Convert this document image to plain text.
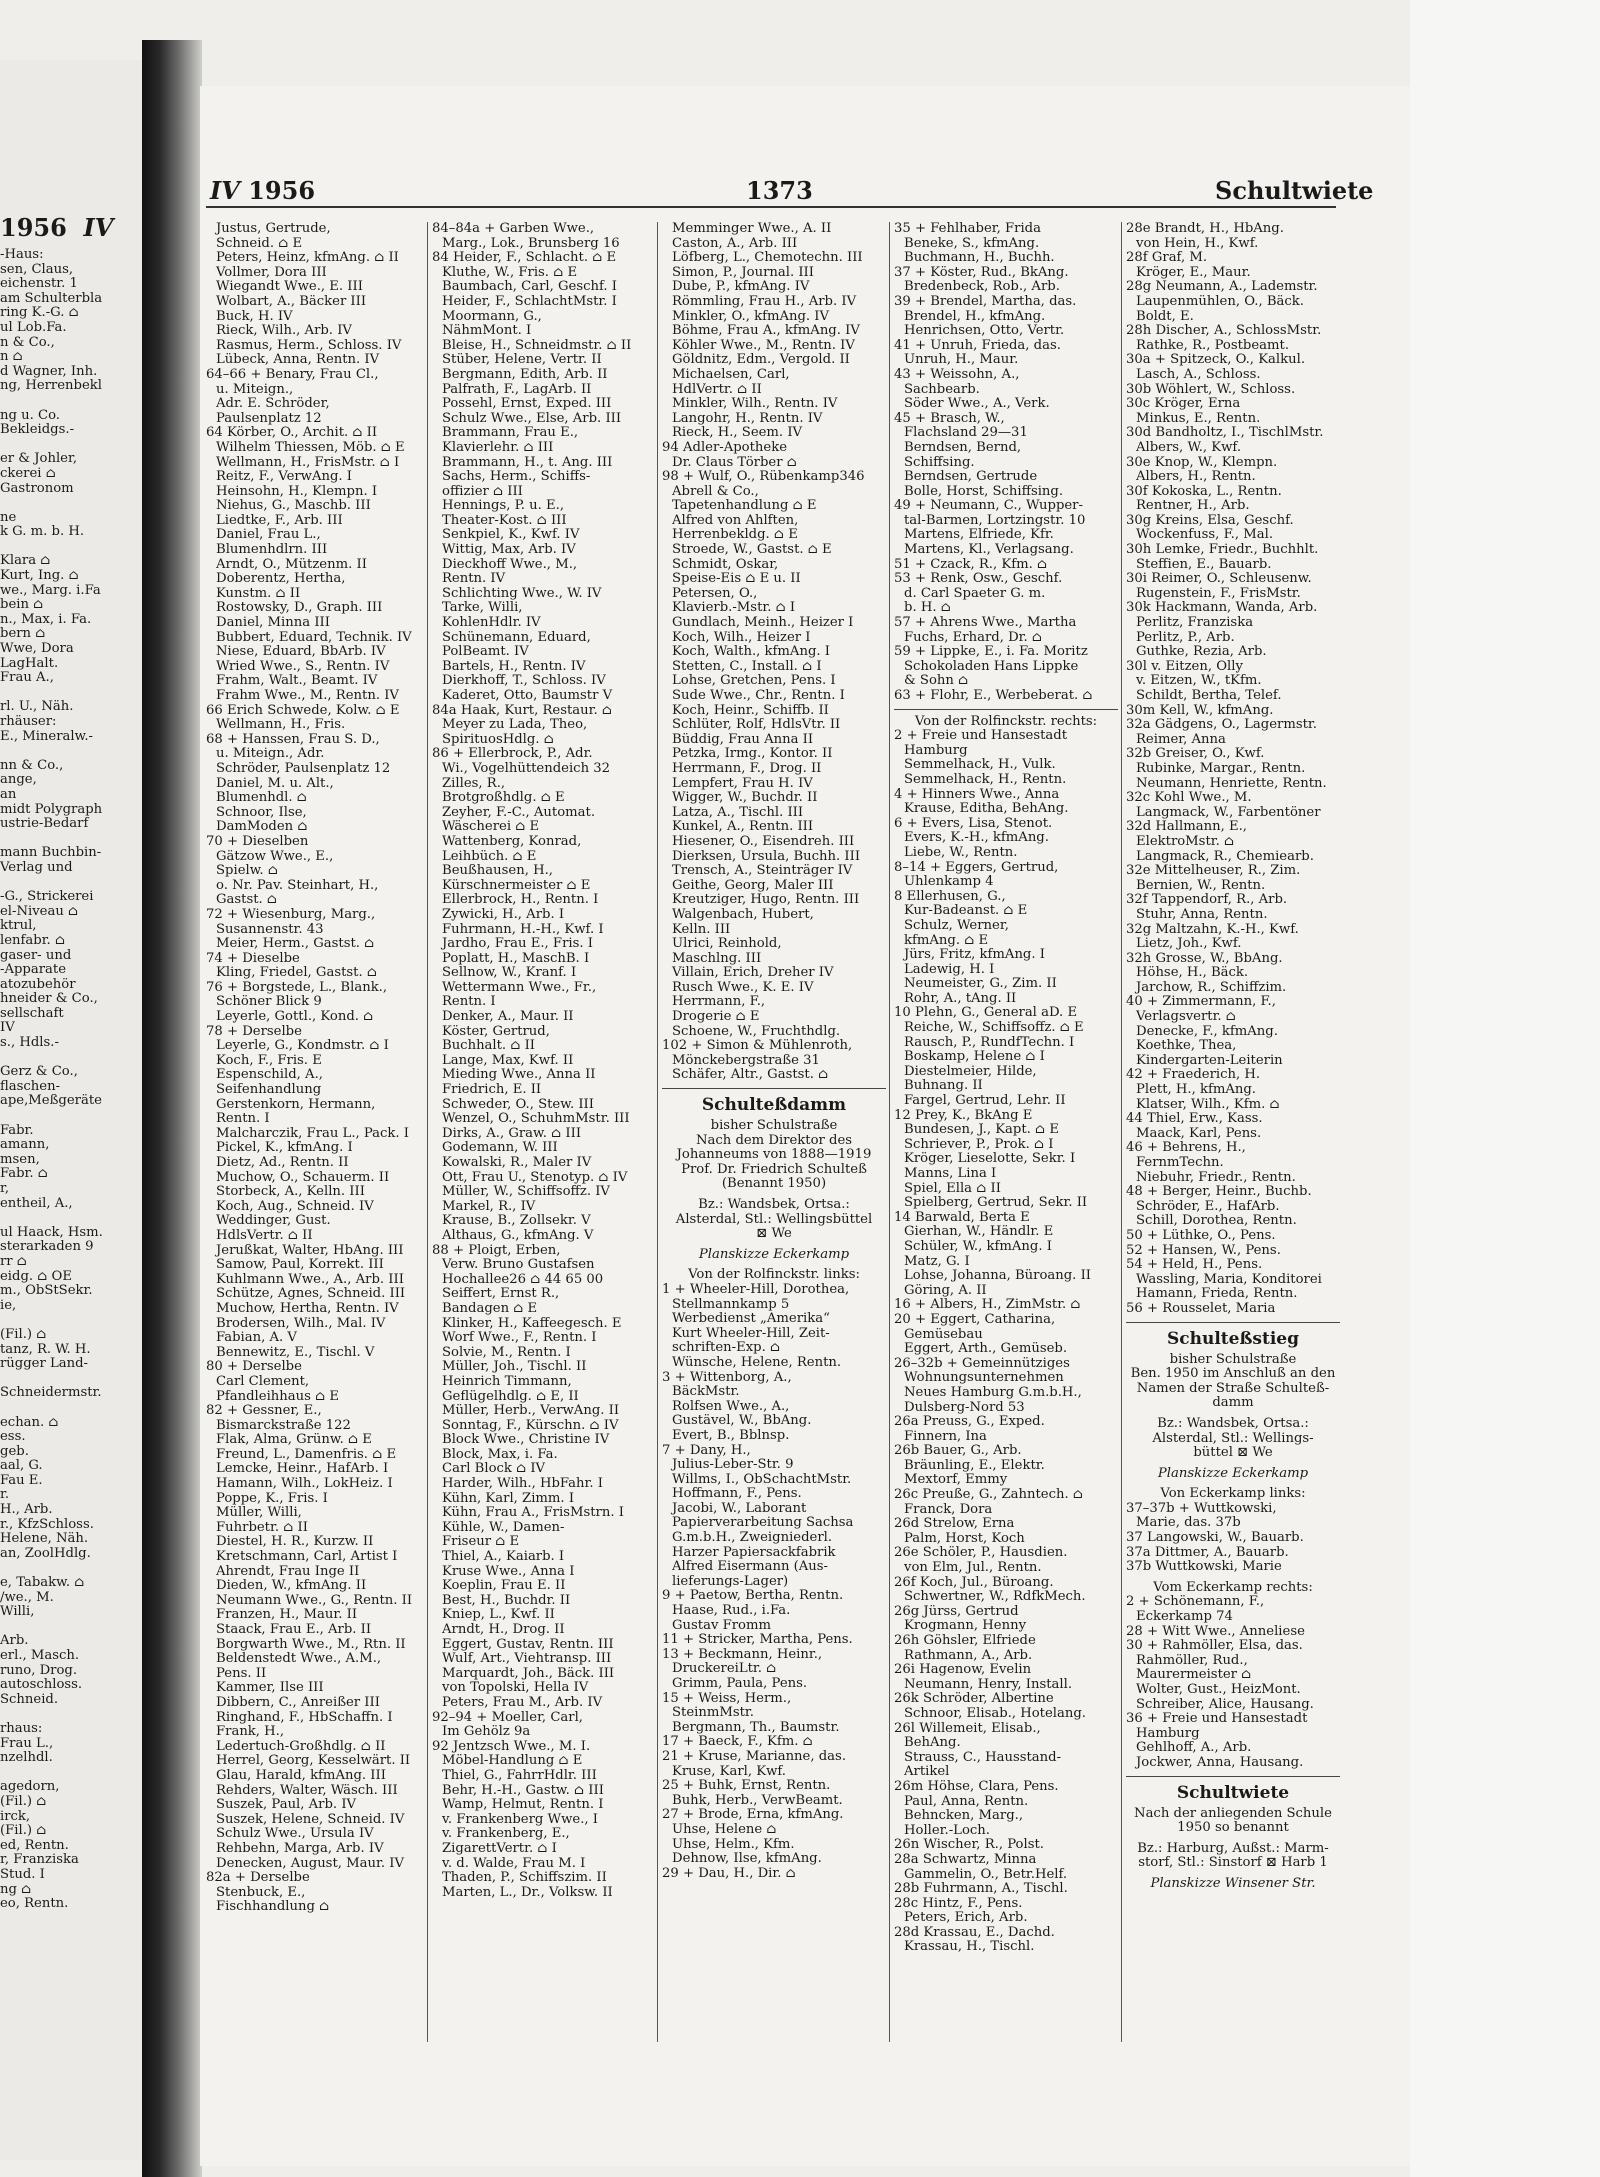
1956 IV
-Haus:
sen, Claus,
eichenstr. 1
am Schulterbla
ring K.-G. ⌂
ul Lob.Fa.
n & Co.,
n ⌂
d Wagner, Inh.
ng, Herrenbekl

ng u. Co.
Bekleidgs.-

er & Johler,
ckerei ⌂
Gastronom

ne
k G. m. b. H.

Klara ⌂
Kurt, Ing. ⌂
we., Marg. i.Fa
bein ⌂
n., Max, i. Fa.
bern ⌂
Wwe, Dora
LagHalt.
Frau A.,

rl. U., Näh.
rhäuser:
E., Mineralw.-

nn & Co.,
ange,
an
midt Polygraph
ustrie-Bedarf

mann Buchbin-
Verlag und

-G., Strickerei
el-Niveau ⌂
ktrul,
lenfabr. ⌂
gaser- und
-Apparate
atozubehör
hneider & Co.,
sellschaft
IV
s., Hdls.-

Gerz & Co.,
flaschen-
ape,Meßgeräte

Fabr.
amann,
msen,
Fabr. ⌂
r,
entheil, A.,

ul Haack, Hsm.
sterarkaden 9
rr ⌂
eidg. ⌂ OE
m., ObStSekr.
ie,

(Fil.) ⌂
tanz, R. W. H.
rügger Land-

Schneidermstr.

echan. ⌂
ess.
geb.
aal, G.
Fau E.
r.
H., Arb.
r., KfzSchloss.
Helene, Näh.
an, ZoolHdlg.

e, Tabakw. ⌂
/we., M.
Willi,

Arb.
erl., Masch.
runo, Drog.
autoschloss.
Schneid.

rhaus:
Frau L.,
nzelhdl.

agedorn,
(Fil.) ⌂
irck,
(Fil.) ⌂
ed, Rentn.
r, Franziska
Stud. I
ng ⌂
eo, Rentn.
IV 1956	1373	Schultwiete
Justus, Gertrude,
Schneid. ⌂ E
Peters, Heinz, kfmAng. ⌂ II
Vollmer, Dora III
Wiegandt Wwe., E. III
Wolbart, A., Bäcker III
Buck, H. IV
Rieck, Wilh., Arb. IV
Rasmus, Herm., Schloss. IV
Lübeck, Anna, Rentn. IV
64–66 + Benary, Frau Cl.,
u. Miteign.,
Adr. E. Schröder,
Paulsenplatz 12
64 Körber, O., Archit. ⌂ II
Wilhelm Thiessen, Möb. ⌂ E
Wellmann, H., FrisMstr. ⌂ I
Reitz, F., VerwAng. I
Heinsohn, H., Klempn. I
Niehus, G., Maschb. III
Liedtke, F., Arb. III
Daniel, Frau L.,
Blumenhdlrn. III
Arndt, O., Mützenm. II
Doberentz, Hertha,
Kunstm. ⌂ II
Rostowsky, D., Graph. III
Daniel, Minna III
Bubbert, Eduard, Technik. IV
Niese, Eduard, BbArb. IV
Wried Wwe., S., Rentn. IV
Frahm, Walt., Beamt. IV
Frahm Wwe., M., Rentn. IV
66 Erich Schwede, Kolw. ⌂ E
Wellmann, H., Fris.
68 + Hanssen, Frau S. D.,
u. Miteign., Adr.
Schröder, Paulsenplatz 12
Daniel, M. u. Alt.,
Blumenhdl. ⌂
Schnoor, Ilse,
DamModen ⌂
70 + Dieselben
Gätzow Wwe., E.,
Spielw. ⌂
o. Nr. Pav. Steinhart, H.,
Gastst. ⌂
72 + Wiesenburg, Marg.,
Susannenstr. 43
Meier, Herm., Gastst. ⌂
74 + Dieselbe
Kling, Friedel, Gastst. ⌂
76 + Borgstede, L., Blank.,
Schöner Blick 9
Leyerle, Gottl., Kond. ⌂
78 + Derselbe
Leyerle, G., Kondmstr. ⌂ I
Koch, F., Fris. E
Espenschild, A.,
Seifenhandlung
Gerstenkorn, Hermann,
Rentn. I
Malcharczik, Frau L., Pack. I
Pickel, K., kfmAng. I
Dietz, Ad., Rentn. II
Muchow, O., Schauerm. II
Storbeck, A., Kelln. III
Koch, Aug., Schneid. IV
Weddinger, Gust.
HdlsVertr. ⌂ II
Jerußkat, Walter, HbAng. III
Samow, Paul, Korrekt. III
Kuhlmann Wwe., A., Arb. III
Schütze, Agnes, Schneid. III
Muchow, Hertha, Rentn. IV
Brodersen, Wilh., Mal. IV
Fabian, A. V
Bennewitz, E., Tischl. V
80 + Derselbe
Carl Clement,
Pfandleihhaus ⌂ E
82 + Gessner, E.,
Bismarckstraße 122
Flak, Alma, Grünw. ⌂ E
Freund, L., Damenfris. ⌂ E
Lemcke, Heinr., HafArb. I
Hamann, Wilh., LokHeiz. I
Poppe, K., Fris. I
Müller, Willi,
Fuhrbetr. ⌂ II
Diestel, H. R., Kurzw. II
Kretschmann, Carl, Artist I
Ahrendt, Frau Inge II
Dieden, W., kfmAng. II
Neumann Wwe., G., Rentn. II
Franzen, H., Maur. II
Staack, Frau E., Arb. II
Borgwarth Wwe., M., Rtn. II
Beldenstedt Wwe., A.M.,
Pens. II
Kammer, Ilse III
Dibbern, C., Anreißer III
Ringhand, F., HbSchaffn. I
Frank, H.,
Ledertuch-Großhdlg. ⌂ II
Herrel, Georg, Kesselwärt. II
Glau, Harald, kfmAng. III
Rehders, Walter, Wäsch. III
Suszek, Paul, Arb. IV
Suszek, Helene, Schneid. IV
Schulz Wwe., Ursula IV
Rehbehn, Marga, Arb. IV
Denecken, August, Maur. IV
82a + Derselbe
Stenbuck, E.,
Fischhandlung ⌂
84–84a + Garben Wwe.,
Marg., Lok., Brunsberg 16
84 Heider, F., Schlacht. ⌂ E
Kluthe, W., Fris. ⌂ E
Baumbach, Carl, Geschf. I
Heider, F., SchlachtMstr. I
Moormann, G.,
NähmMont. I
Bleise, H., Schneidmstr. ⌂ II
Stüber, Helene, Vertr. II
Bergmann, Edith, Arb. II
Palfrath, F., LagArb. II
Possehl, Ernst, Exped. III
Schulz Wwe., Else, Arb. III
Brammann, Frau E.,
Klavierlehr. ⌂ III
Brammann, H., t. Ang. III
Sachs, Herm., Schiffs-
offizier ⌂ III
Hennings, P. u. E.,
Theater-Kost. ⌂ III
Senkpiel, K., Kwf. IV
Wittig, Max, Arb. IV
Dieckhoff Wwe., M.,
Rentn. IV
Schlichting Wwe., W. IV
Tarke, Willi,
KohlenHdlr. IV
Schünemann, Eduard,
PolBeamt. IV
Bartels, H., Rentn. IV
Dierkhoff, T., Schloss. IV
Kaderet, Otto, Baumstr V
84a Haak, Kurt, Restaur. ⌂
Meyer zu Lada, Theo,
SpirituosHdlg. ⌂
86 + Ellerbrock, P., Adr.
Wi., Vogelhüttendeich 32
Zilles, R.,
Brotgroßhdlg. ⌂ E
Zeyher, F.-C., Automat.
Wäscherei ⌂ E
Wattenberg, Konrad,
Leihbüch. ⌂ E
Beußhausen, H.,
Kürschnermeister ⌂ E
Ellerbrock, H., Rentn. I
Zywicki, H., Arb. I
Fuhrmann, H.-H., Kwf. I
Jardho, Frau E., Fris. I
Poplatt, H., MaschB. I
Sellnow, W., Kranf. I
Wettermann Wwe., Fr.,
Rentn. I
Denker, A., Maur. II
Köster, Gertrud,
Buchhalt. ⌂ II
Lange, Max, Kwf. II
Mieding Wwe., Anna II
Friedrich, E. II
Schweder, O., Stew. III
Wenzel, O., SchuhmMstr. III
Dirks, A., Graw. ⌂ III
Godemann, W. III
Kowalski, R., Maler IV
Ott, Frau U., Stenotyp. ⌂ IV
Müller, W., Schiffsoffz. IV
Markel, R., IV
Krause, B., Zollsekr. V
Althaus, G., kfmAng. V
88 + Ploigt, Erben,
Verw. Bruno Gustafsen
Hochallee26 ⌂ 44 65 00
Seiffert, Ernst R.,
Bandagen ⌂ E
Klinker, H., Kaffeegesch. E
Worf Wwe., F., Rentn. I
Solvie, M., Rentn. I
Müller, Joh., Tischl. II
Heinrich Timmann,
Geflügelhdlg. ⌂ E, II
Müller, Herb., VerwAng. II
Sonntag, F., Kürschn. ⌂ IV
Block Wwe., Christine IV
Block, Max, i. Fa.
Carl Block ⌂ IV
Harder, Wilh., HbFahr. I
Kühn, Karl, Zimm. I
Kühn, Frau A., FrisMstrn. I
Kühle, W., Damen-
Friseur ⌂ E
Thiel, A., Kaiarb. I
Kruse Wwe., Anna I
Koeplin, Frau E. II
Best, H., Buchdr. II
Kniep, L., Kwf. II
Arndt, H., Drog. II
Eggert, Gustav, Rentn. III
Wulf, Art., Viehtransp. III
Marquardt, Joh., Bäck. III
von Topolski, Hella IV
Peters, Frau M., Arb. IV
92–94 + Moeller, Carl,
Im Gehölz 9a
92 Jentzsch Wwe., M. I.
Möbel-Handlung ⌂ E
Thiel, G., FahrrHdlr. III
Behr, H.-H., Gastw. ⌂ III
Wamp, Helmut, Rentn. I
v. Frankenberg Wwe., I
v. Frankenberg, E.,
ZigarettVertr. ⌂ I
v. d. Walde, Frau M. I
Thaden, P., Schiffszim. II
Marten, L., Dr., Volksw. II
Memminger Wwe., A. II
Caston, A., Arb. III
Löfberg, L., Chemotechn. III
Simon, P., Journal. III
Dube, P., kfmAng. IV
Römmling, Frau H., Arb. IV
Minkler, O., kfmAng. IV
Böhme, Frau A., kfmAng. IV
Köhler Wwe., M., Rentn. IV
Göldnitz, Edm., Vergold. II
Michaelsen, Carl,
HdlVertr. ⌂ II
Minkler, Wilh., Rentn. IV
Langohr, H., Rentn. IV
Rieck, H., Seem. IV
94 Adler-Apotheke
Dr. Claus Törber ⌂
98 + Wulf, O., Rübenkamp346
Abrell & Co.,
Tapetenhandlung ⌂ E
Alfred von Ahlften,
Herrenbekldg. ⌂ E
Stroede, W., Gastst. ⌂ E
Schmidt, Oskar,
Speise-Eis ⌂ E u. II
Petersen, O.,
Klavierb.-Mstr. ⌂ I
Gundlach, Meinh., Heizer I
Koch, Wilh., Heizer I
Koch, Walth., kfmAng. I
Stetten, C., Install. ⌂ I
Lohse, Gretchen, Pens. I
Sude Wwe., Chr., Rentn. I
Koch, Heinr., Schiffb. II
Schlüter, Rolf, HdlsVtr. II
Büddig, Frau Anna II
Petzka, Irmg., Kontor. II
Herrmann, F., Drog. II
Lempfert, Frau H. IV
Wigger, W., Buchdr. II
Latza, A., Tischl. III
Kunkel, A., Rentn. III
Hiesener, O., Eisendreh. III
Dierksen, Ursula, Buchh. III
Trensch, A., Steinträger IV
Geithe, Georg, Maler III
Kreutziger, Hugo, Rentn. III
Walgenbach, Hubert,
Kelln. III
Ulrici, Reinhold,
Maschlng. III
Villain, Erich, Dreher IV
Rusch Wwe., K. E. IV
Herrmann, F.,
Drogerie ⌂ E
Schoene, W., Fruchthdlg.
102 + Simon & Mühlenroth,
Mönckebergstraße 31
Schäfer, Altr., Gastst. ⌂
Schulteßdamm
bisher Schulstraße
Nach dem Direktor des
Johanneums von 1888—1919
Prof. Dr. Friedrich Schulteß
(Benannt 1950)

Bz.: Wandsbek, Ortsa.:
Alsterdal, Stl.: Wellingsbüttel
⊠ We

Planskizze Eckerkamp

Von der Rolfinckstr. links:
1 + Wheeler-Hill, Dorothea,
Stellmannkamp 5
Werbedienst „Amerika“
Kurt Wheeler-Hill, Zeit-
schriften-Exp. ⌂
Wünsche, Helene, Rentn.
3 + Wittenborg, A.,
BäckMstr.
Rolfsen Wwe., A.,
Gustävel, W., BbAng.
Evert, B., Bblnsp.
7 + Dany, H.,
Julius-Leber-Str. 9
Willms, I., ObSchachtMstr.
Hoffmann, F., Pens.
Jacobi, W., Laborant
Papierverarbeitung Sachsa
G.m.b.H., Zweigniederl.
Harzer Papiersackfabrik
Alfred Eisermann (Aus-
lieferungs-Lager)
9 + Paetow, Bertha, Rentn.
Haase, Rud., i.Fa.
Gustav Fromm
11 + Stricker, Martha, Pens.
13 + Beckmann, Heinr.,
DruckereiLtr. ⌂
Grimm, Paula, Pens.
15 + Weiss, Herm.,
SteinmMstr.
Bergmann, Th., Baumstr.
17 + Baeck, F., Kfm. ⌂
21 + Kruse, Marianne, das.
Kruse, Karl, Kwf.
25 + Buhk, Ernst, Rentn.
Buhk, Herb., VerwBeamt.
27 + Brode, Erna, kfmAng.
Uhse, Helene ⌂
Uhse, Helm., Kfm.
Dehnow, Ilse, kfmAng.
29 + Dau, H., Dir. ⌂
35 + Fehlhaber, Frida
Beneke, S., kfmAng.
Buchmann, H., Buchh.
37 + Köster, Rud., BkAng.
Bredenbeck, Rob., Arb.
39 + Brendel, Martha, das.
Brendel, H., kfmAng.
Henrichsen, Otto, Vertr.
41 + Unruh, Frieda, das.
Unruh, H., Maur.
43 + Weissohn, A.,
Sachbearb.
Söder Wwe., A., Verk.
45 + Brasch, W.,
Flachsland 29—31
Berndsen, Bernd,
Schiffsing.
Berndsen, Gertrude
Bolle, Horst, Schiffsing.
49 + Neumann, C., Wupper-
tal-Barmen, Lortzingstr. 10
Martens, Elfriede, Kfr.
Martens, Kl., Verlagsang.
51 + Czack, R., Kfm. ⌂
53 + Renk, Osw., Geschf.
d. Carl Spaeter G. m.
b. H. ⌂
57 + Ahrens Wwe., Martha
Fuchs, Erhard, Dr. ⌂
59 + Lippke, E., i. Fa. Moritz
Schokoladen Hans Lippke
& Sohn ⌂
63 + Flohr, E., Werbeberat. ⌂
Von der Rolfinckstr. rechts:
2 + Freie und Hansestadt
Hamburg
Semmelhack, H., Vulk.
Semmelhack, H., Rentn.
4 + Hinners Wwe., Anna
Krause, Editha, BehAng.
6 + Evers, Lisa, Stenot.
Evers, K.-H., kfmAng.
Liebe, W., Rentn.
8–14 + Eggers, Gertrud,
Uhlenkamp 4
8 Ellerhusen, G.,
Kur-Badeanst. ⌂ E
Schulz, Werner,
kfmAng. ⌂ E
Jürs, Fritz, kfmAng. I
Ladewig, H. I
Neumeister, G., Zim. II
Rohr, A., tAng. II
10 Plehn, G., General aD. E
Reiche, W., Schiffsoffz. ⌂ E
Rausch, P., RundfTechn. I
Boskamp, Helene ⌂ I
Diestelmeier, Hilde,
Buhnang. II
Fargel, Gertrud, Lehr. II
12 Prey, K., BkAng E
Bundesen, J., Kapt. ⌂ E
Schriever, P., Prok. ⌂ I
Kröger, Lieselotte, Sekr. I
Manns, Lina I
Spiel, Ella ⌂ II
Spielberg, Gertrud, Sekr. II
14 Barwald, Berta E
Gierhan, W., Händlr. E
Schüler, W., kfmAng. I
Matz, G. I
Lohse, Johanna, Büroang. II
Göring, A. II
16 + Albers, H., ZimMstr. ⌂
20 + Eggert, Catharina,
Gemüsebau
Eggert, Arth., Gemüseb.
26–32b + Gemeinnütziges
Wohnungsunternehmen
Neues Hamburg G.m.b.H.,
Dulsberg-Nord 53
26a Preuss, G., Exped.
Finnern, Ina
26b Bauer, G., Arb.
Bräunling, E., Elektr.
Mextorf, Emmy
26c Preuße, G., Zahntech. ⌂
Franck, Dora
26d Strelow, Erna
Palm, Horst, Koch
26e Schöler, P., Hausdien.
von Elm, Jul., Rentn.
26f Koch, Jul., Büroang.
Schwertner, W., RdfkMech.
26g Jürss, Gertrud
Krogmann, Henny
26h Göhsler, Elfriede
Rathmann, A., Arb.
26i Hagenow, Evelin
Neumann, Henry, Install.
26k Schröder, Albertine
Schnoor, Elisab., Hotelang.
26l Willemeit, Elisab.,
BehAng.
Strauss, C., Hausstand-
Artikel
26m Höhse, Clara, Pens.
Paul, Anna, Rentn.
Behncken, Marg.,
Holler.-Loch.
26n Wischer, R., Polst.
28a Schwartz, Minna
Gammelin, O., Betr.Helf.
28b Fuhrmann, A., Tischl.
28c Hintz, F., Pens.
Peters, Erich, Arb.
28d Krassau, E., Dachd.
Krassau, H., Tischl.
28e Brandt, H., HbAng.
von Hein, H., Kwf.
28f Graf, M.
Kröger, E., Maur.
28g Neumann, A., Lademstr.
Laupenmühlen, O., Bäck.
Boldt, E.
28h Discher, A., SchlossMstr.
Rathke, R., Postbeamt.
30a + Spitzeck, O., Kalkul.
Lasch, A., Schloss.
30b Wöhlert, W., Schloss.
30c Kröger, Erna
Minkus, E., Rentn.
30d Bandholtz, I., TischlMstr.
Albers, W., Kwf.
30e Knop, W., Klempn.
Albers, H., Rentn.
30f Kokoska, L., Rentn.
Rentner, H., Arb.
30g Kreins, Elsa, Geschf.
Wockenfuss, F., Mal.
30h Lemke, Friedr., Buchhlt.
Steffien, E., Bauarb.
30i Reimer, O., Schleusenw.
Rugenstein, F., FrisMstr.
30k Hackmann, Wanda, Arb.
Perlitz, Franziska
Perlitz, P., Arb.
Guthke, Rezia, Arb.
30l v. Eitzen, Olly
v. Eitzen, W., tKfm.
Schildt, Bertha, Telef.
30m Kell, W., kfmAng.
32a Gädgens, O., Lagermstr.
Reimer, Anna
32b Greiser, O., Kwf.
Rubinke, Margar., Rentn.
Neumann, Henriette, Rentn.
32c Kohl Wwe., M.
Langmack, W., Farbentöner
32d Hallmann, E.,
ElektroMstr. ⌂
Langmack, R., Chemiearb.
32e Mittelheuser, R., Zim.
Bernien, W., Rentn.
32f Tappendorf, R., Arb.
Stuhr, Anna, Rentn.
32g Maltzahn, K.-H., Kwf.
Lietz, Joh., Kwf.
32h Grosse, W., BbAng.
Höhse, H., Bäck.
Jarchow, R., Schiffzim.
40 + Zimmermann, F.,
Verlagsvertr. ⌂
Denecke, F., kfmAng.
Koethke, Thea,
Kindergarten-Leiterin
42 + Fraederich, H.
Plett, H., kfmAng.
Klatser, Wilh., Kfm. ⌂
44 Thiel, Erw., Kass.
Maack, Karl, Pens.
46 + Behrens, H.,
FernmTechn.
Niebuhr, Friedr., Rentn.
48 + Berger, Heinr., Buchb.
Schröder, E., HafArb.
Schill, Dorothea, Rentn.
50 + Lüthke, O., Pens.
52 + Hansen, W., Pens.
54 + Held, H., Pens.
Wassling, Maria, Konditorei
Hamann, Frieda, Rentn.
56 + Rousselet, Maria
Schulteßstieg
bisher Schulstraße
Ben. 1950 im Anschluß an den
Namen der Straße Schulteß-
damm

Bz.: Wandsbek, Ortsa.:
Alsterdal, Stl.: Wellings-
büttel ⊠ We

Planskizze Eckerkamp

Von Eckerkamp links:
37–37b + Wuttkowski,
Marie, das. 37b
37 Langowski, W., Bauarb.
37a Dittmer, A., Bauarb.
37b Wuttkowski, Marie

Vom Eckerkamp rechts:
2 + Schönemann, F.,
Eckerkamp 74
28 + Witt Wwe., Anneliese
30 + Rahmöller, Elsa, das.
Rahmöller, Rud.,
Maurermeister ⌂
Wolter, Gust., HeizMont.
Schreiber, Alice, Hausang.
36 + Freie und Hansestadt
Hamburg
Gehlhoff, A., Arb.
Jockwer, Anna, Hausang.
Schultwiete
Nach der anliegenden Schule
1950 so benannt

Bz.: Harburg, Außst.: Marm-
storf, Stl.: Sinstorf ⊠ Harb 1

Planskizze Winsener Str.
